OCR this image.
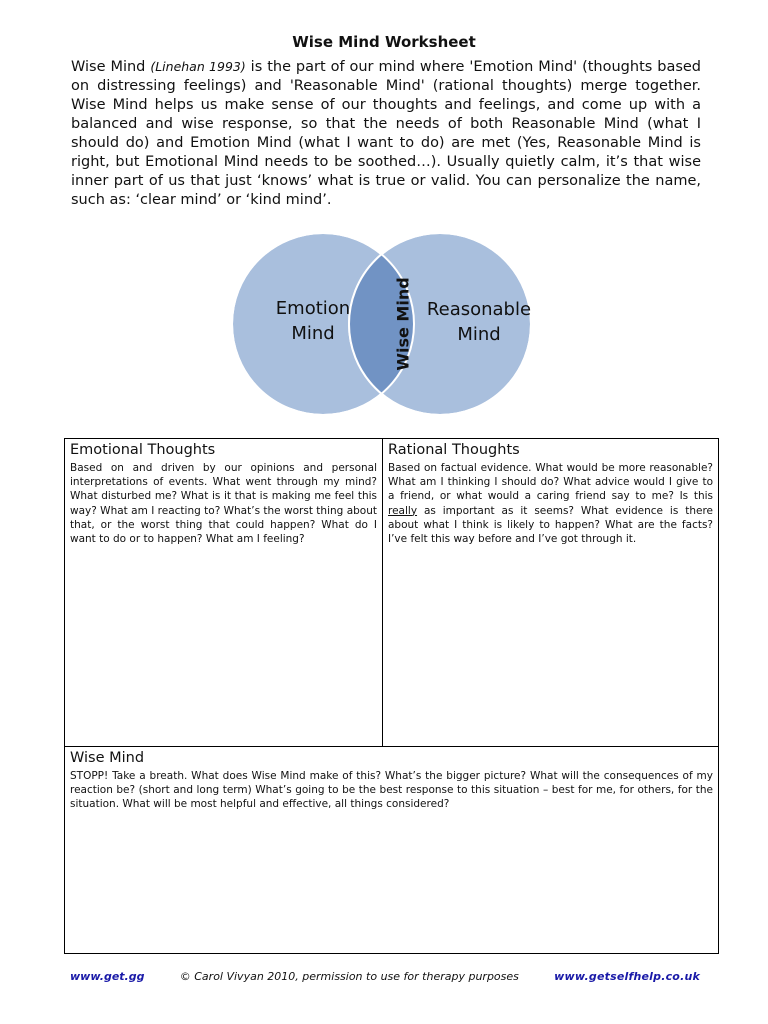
Wise Mind Worksheet
Wise Mind (Linehan 1993) is the part of our mind where 'Emotion Mind' (thoughts based on distressing feelings) and 'Reasonable Mind' (rational thoughts) merge together. Wise Mind helps us make sense of our thoughts and feelings, and come up with a balanced and wise response, so that the needs of both Reasonable Mind (what I should do) and Emotion Mind (what I want to do) are met (Yes, Reasonable Mind is right, but Emotional Mind needs to be soothed…). Usually quietly calm, it’s that wise inner part of us that just ‘knows’ what is true or valid. You can personalize the name, such as: ‘clear mind’ or ‘kind mind’.
Emotion
Mind
Reasonable
Mind
Wise Mind
Emotional Thoughts

Based on and driven by our opinions and personal interpretations of events. What went through my mind? What disturbed me? What is it that is making me feel this way? What am I reacting to? What’s the worst thing about that, or the worst thing that could happen? What do I want to do or to happen? What am I feeling?

Rational Thoughts

Based on factual evidence. What would be more reasonable? What am I thinking I should do? What advice would I give to a friend, or what would a caring friend say to me? Is this really as important as it seems? What evidence is there about what I think is likely to happen? What are the facts? I’ve felt this way before and I’ve got through it.

Wise Mind

STOPP! Take a breath. What does Wise Mind make of this? What’s the bigger picture? What will the consequences of my reaction be? (short and long term) What’s going to be the best response to this situation – best for me, for others, for the situation. What will be most helpful and effective, all things considered?

www.get.gg	© Carol Vivyan 2010, permission to use for therapy purposes	www.getselfhelp.co.uk
